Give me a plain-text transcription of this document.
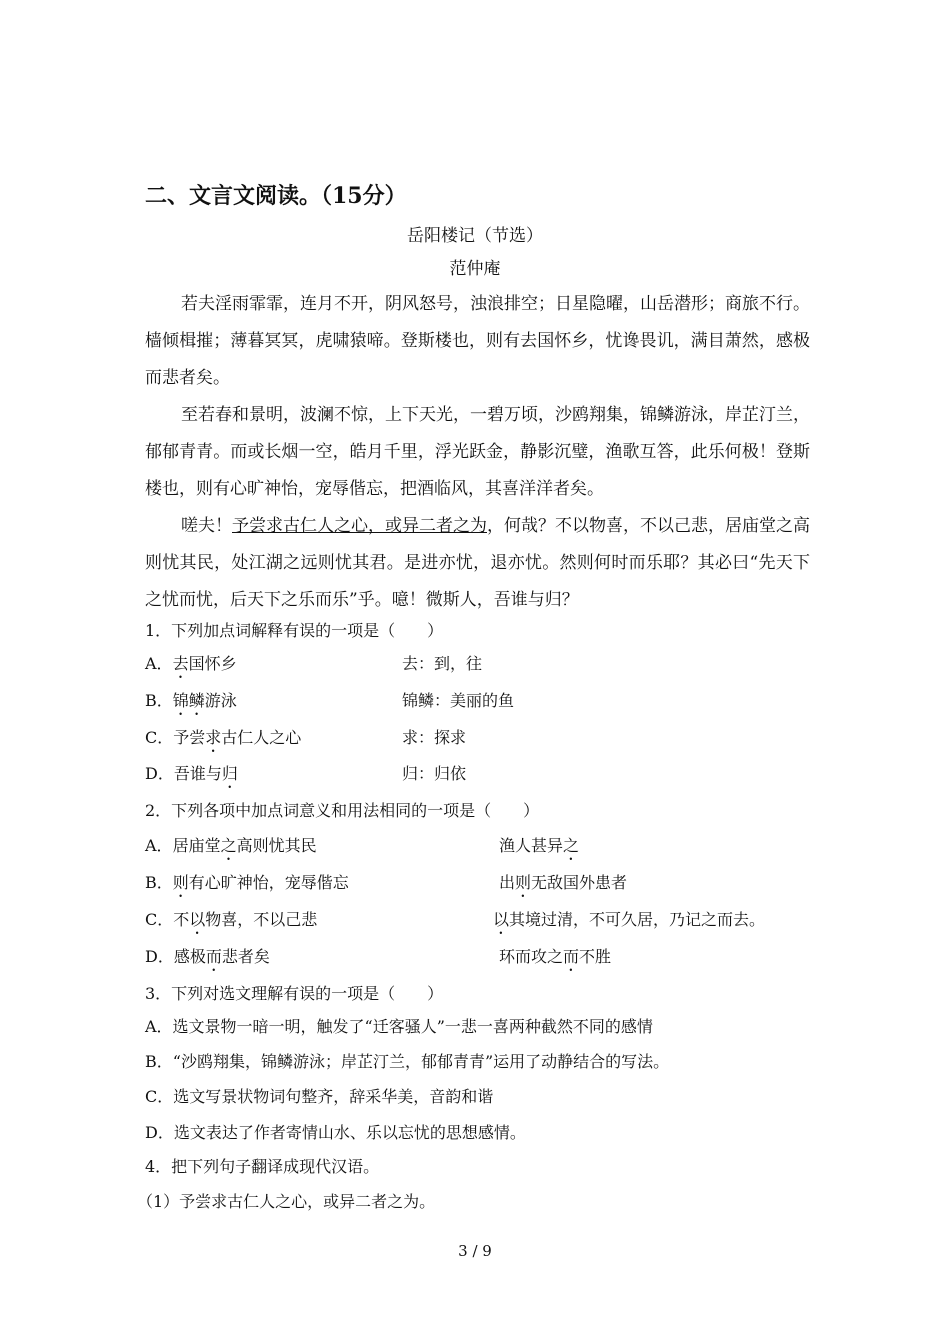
二、文言文阅读。（15分）
岳阳楼记（节选）
范仲庵
若夫淫雨霏霏，连月不开，阴风怒号，浊浪排空；日星隐曜，山岳潜形；商旅不行。樯倾楫摧；薄暮冥冥，虎啸猿啼。登斯楼也，则有去国怀乡，忧谗畏讥，满目萧然，感极而悲者矣。
至若春和景明，波澜不惊，上下天光，一碧万顷，沙鸥翔集，锦鳞游泳，岸芷汀兰，郁郁青青。而或长烟一空，皓月千里，浮光跃金，静影沉璧，渔歌互答，此乐何极！登斯楼也，则有心旷神怡，宠辱偕忘，把酒临风，其喜洋洋者矣。
嗟夫！予尝求古仁人之心，或异二者之为，何哉？不以物喜，不以己悲，居庙堂之高则忧其民，处江湖之远则忧其君。是进亦忧，退亦忧。然则何时而乐耶？其必曰“先天下之忧而忧，后天下之乐而乐”乎。噫！微斯人，吾谁与归？
1．下列加点词解释有误的一项是（　　）
A．去国怀乡	去：到，往
B．锦鳞游泳	锦鳞：美丽的鱼
C．予尝求古仁人之心	求：探求
D．吾谁与归	归：归依
2．下列各项中加点词意义和用法相同的一项是（　　）
A．居庙堂之高则忧其民	渔人甚异之
B．则有心旷神怡，宠辱偕忘	出则无敌国外患者
C．不以物喜，不以己悲	以其境过清，不可久居，乃记之而去。
D．感极而悲者矣	环而攻之而不胜
3．下列对选文理解有误的一项是（　　）
A．选文景物一暗一明，触发了“迁客骚人”一悲一喜两种截然不同的感情
B．“沙鸥翔集，锦鳞游泳；岸芷汀兰，郁郁青青”运用了动静结合的写法。
C．选文写景状物词句整齐，辞采华美，音韵和谐
D．选文表达了作者寄情山水、乐以忘忧的思想感情。
4．把下列句子翻译成现代汉语。
（1）予尝求古仁人之心，或异二者之为。
3 / 9
